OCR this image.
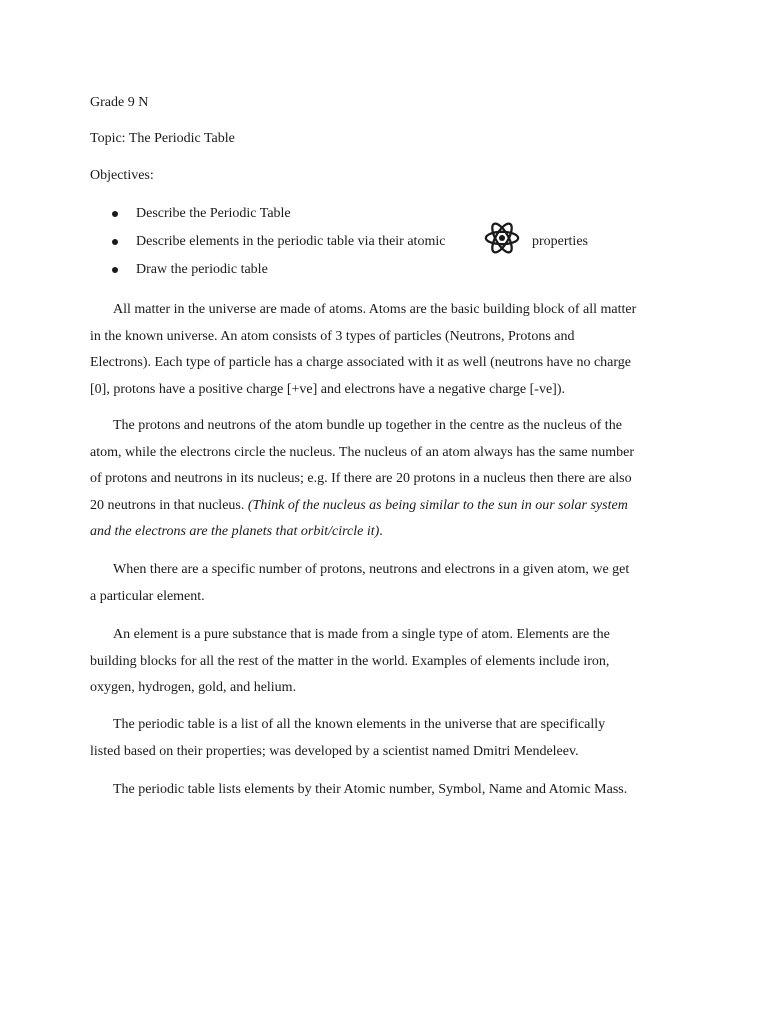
Grade 9 N
Topic: The Periodic Table
Objectives:
Describe the Periodic Table
Describe elements in the periodic table via their atomic	properties
Draw the periodic table

All matter in the universe are made of atoms. Atoms are the basic building block of all matter
in the known universe. An atom consists of 3 types of particles (Neutrons, Protons and
Electrons). Each type of particle has a charge associated with it as well (neutrons have no charge
[0], protons have a positive charge [+ve] and electrons have a negative charge [-ve]).

The protons and neutrons of the atom bundle up together in the centre as the nucleus of the
atom, while the electrons circle the nucleus. The nucleus of an atom always has the same number
of protons and neutrons in its nucleus; e.g. If there are 20 protons in a nucleus then there are also
20 neutrons in that nucleus. (Think of the nucleus as being similar to the sun in our solar system
and the electrons are the planets that orbit/circle it).

When there are a specific number of protons, neutrons and electrons in a given atom, we get
a particular element.

An element is a pure substance that is made from a single type of atom. Elements are the
building blocks for all the rest of the matter in the world. Examples of elements include iron,
oxygen, hydrogen, gold, and helium.

The periodic table is a list of all the known elements in the universe that are specifically
listed based on their properties; was developed by a scientist named Dmitri Mendeleev.

The periodic table lists elements by their Atomic number, Symbol, Name and Atomic Mass.
